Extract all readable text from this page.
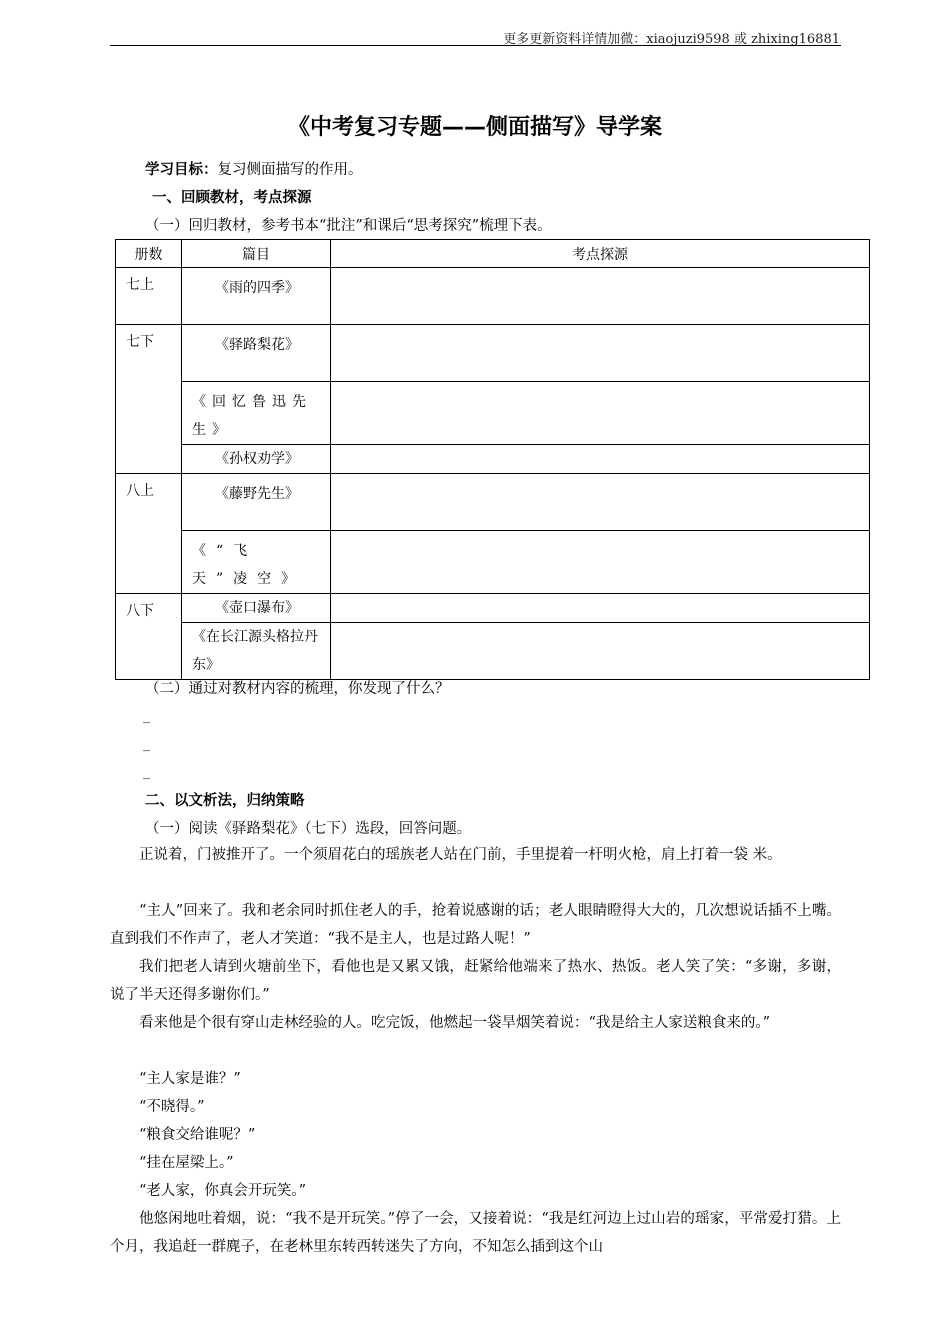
更多更新资料详情加微：xiaojuzi9598 或 zhixing16881
《中考复习专题——侧面描写》导学案
学习目标：复习侧面描写的作用。
一、回顾教材，考点探源
（一）回归教材，参考书本“批注”和课后“思考探究”梳理下表。
册数	篇目	考点探源
七上	《雨的四季》	
七下	《驿路梨花》	
	《回忆鲁迅先生》	
	《孙权劝学》	
八上	《藤野先生》	
	《“飞天”凌空》	
八下	《壶口瀑布》	
	《在长江源头格拉丹东》	
（二）通过对教材内容的梳理，你发现了什么？
_
_
_
二、以文析法，归纳策略
（一）阅读《驿路梨花》（七下）选段，回答问题。
正说着，门被推开了。一个须眉花白的瑶族老人站在门前，手里提着一杆明火枪，肩上打着一袋 米。
“主人”回来了。我和老余同时抓住老人的手，抢着说感谢的话；老人眼睛瞪得大大的，几次想说话插不上嘴。直到我们不作声了，老人才笑道：“我不是主人，也是过路人呢！”
我们把老人请到火塘前坐下，看他也是又累又饿，赶紧给他端来了热水、热饭。老人笑了笑：“多谢，多谢，说了半天还得多谢你们。”
看来他是个很有穿山走林经验的人。吃完饭，他燃起一袋旱烟笑着说：“我是给主人家送粮食来的。”
“主人家是谁？”
“不晓得。”
“粮食交给谁呢？”
“挂在屋梁上。”
“老人家，你真会开玩笑。”
他悠闲地吐着烟，说：“我不是开玩笑。”停了一会，又接着说：“我是红河边上过山岩的瑶家，平常爱打猎。上个月，我追赶一群麂子，在老林里东转西转迷失了方向，不知怎么插到这个山
